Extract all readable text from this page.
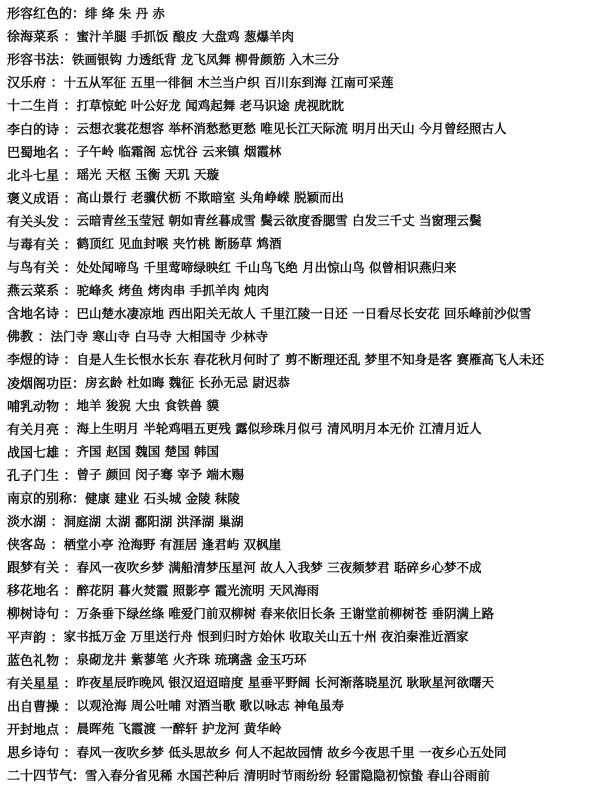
形容红色的： 绯 绛 朱 丹 赤
徐海菜系 ： 蜜汁羊腿 手抓饭 酿皮 大盘鸡 葱爆羊肉
形容书法： 铁画银钩 力透纸背 龙飞凤舞 柳骨颜筋 入木三分
汉乐府 ： 十五从军征 五里一徘徊 木兰当户织 百川东到海 江南可采莲
十二生肖 ： 打草惊蛇 叶公好龙 闻鸡起舞 老马识途 虎视眈眈
李白的诗 ： 云想衣裳花想容 举杯消愁愁更愁 唯见长江天际流 明月出天山 今月曾经照古人
巴蜀地名 ： 子午岭 临霜阁 忘忧谷 云来镇 烟霞林
北斗七星 ： 瑶光 天枢 玉衡 天玑 天璇
褒义成语 ： 高山景行 老骥伏枥 不欺暗室 头角峥嵘 脱颖而出
有关头发 ： 云暗青丝玉莹冠 朝如青丝暮成雪 鬓云欲度香腮雪 白发三千丈 当窗理云鬓
与毒有关 ： 鹤顶红 见血封喉 夹竹桃 断肠草 鸩酒
与鸟有关 ： 处处闻啼鸟 千里莺啼绿映红 千山鸟飞绝 月出惊山鸟 似曾相识燕归来
燕云菜系 ： 驼峰炙 烤鱼 烤肉串 手抓羊肉 炖肉
含地名诗 ： 巴山楚水凄凉地 西出阳关无故人 千里江陵一日还 一日看尽长安花 回乐峰前沙似雪
佛教 ： 法门寺 寒山寺 白马寺 大相国寺 少林寺
李煜的诗 ： 自是人生长恨水长东 春花秋月何时了 剪不断理还乱 梦里不知身是客 赛雁高飞人未还
凌烟阁功臣： 房玄龄 杜如晦 魏征 长孙无忌 尉迟恭
哺乳动物 ： 地羊 狻猊 大虫 食铁兽 貘
有关月亮 ： 海上生明月 半轮鸡唱五更残 露似珍珠月似弓 清风明月本无价 江清月近人
战国七雄 ： 齐国 赵国 魏国 楚国 韩国
孔子门生 ： 曾子 颜回 闵子骞 宰予 端木赐
南京的别称： 健康 建业 石头城 金陵 秣陵
淡水湖 ： 洞庭湖 太湖 鄱阳湖 洪泽湖 巢湖
侠客岛 ： 栖堂小亭 沧海野 有涯居 逢君屿 双枫崖
跟梦有关 ： 春风一夜吹乡梦 满船清梦压星河 故人入我梦 三夜频梦君 聒碎乡心梦不成
移花地名 ： 醉花阴 暮火焚霞 照影亭 霞光流明 天风海雨
柳树诗句 ： 万条垂下绿丝绦 唯爱门前双柳树 春来依旧长条 王谢堂前柳树苍 垂阴满上路
平声韵 ： 家书抵万金 万里送行舟 恨到归时方始休 收取关山五十州 夜泊秦淮近酒家
蓝色礼物 ： 泉砌龙井 紫蓼笔 火齐珠 琉璃盏 金玉巧环
有关星星 ： 昨夜星辰昨晚风 银汉迢迢暗度 星垂平野阔 长河渐落晓星沉 耿耿星河欲曙天
出自曹操 ： 以观沧海 周公吐哺 对酒当歌 歌以咏志 神龟虽寿
开封地点 ： 晨晖苑 飞霞渡 一醉轩 护龙河 黄华岭
思乡诗句 ： 春风一夜吹乡梦 低头思故乡 何人不起故园情 故乡今夜思千里 一夜乡心五处同
二十四节气： 雪入春分省见稀 水国芒种后 清明时节雨纷纷 轻雷隐隐初惊蛰 春山谷雨前
